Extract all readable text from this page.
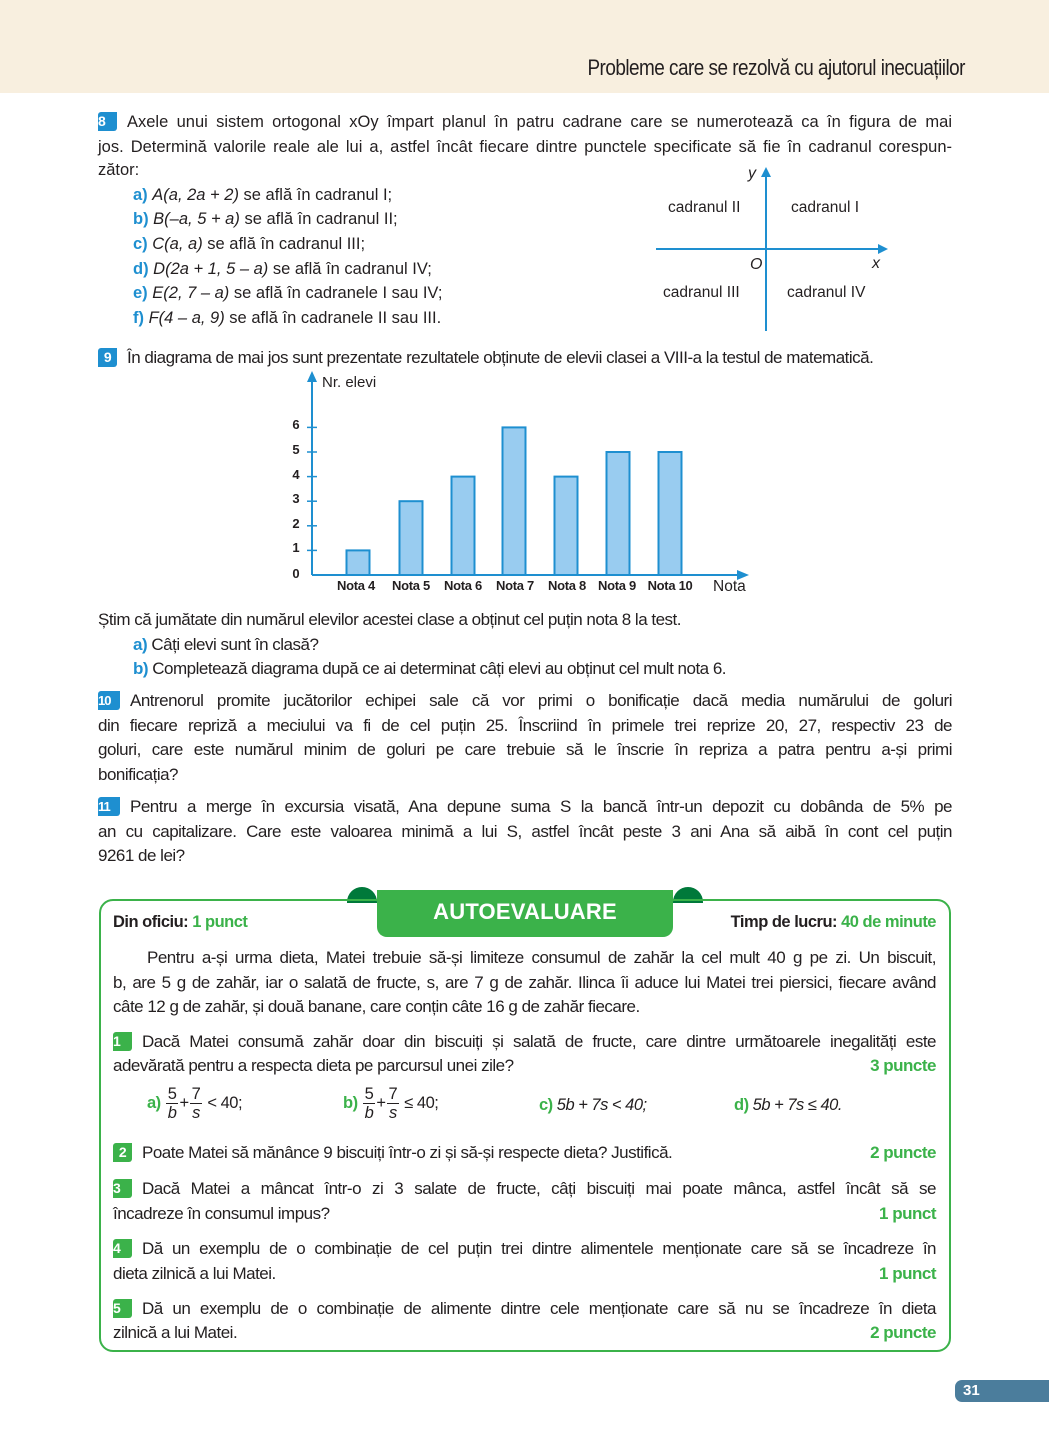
Probleme care se rezolvă cu ajutorul inecuațiilor
8 Axele unui sistem ortogonal xOy împart planul în patru cadrane care se numerotează ca în figura de mai
jos. Determină valorile reale ale lui a, astfel încât fiecare dintre punctele specificate să fie în cadranul corespun-
zător:
a) A(a, 2a + 2) se află în cadranul I;
b) B(–a, 5 + a) se află în cadranul II;
c) C(a, a) se află în cadranul III;
d) D(2a + 1, 5 – a) se află în cadranul IV;
e) E(2, 7 – a) se află în cadranele I sau IV;
f) F(4 – a, 9) se află în cadranele II sau III.
y
x
O
cadranul II	cadranul I
cadranul III	cadranul IV
9 În diagrama de mai jos sunt prezentate rezultatele obținute de elevii clasei a VIII-a la testul de matematică.
Nr. elevi
Nota
6
5
4
3
2
1
0
Nota 4	Nota 5	Nota 6	Nota 7	Nota 8 Nota 9 Nota 10
Știm că jumătate din numărul elevilor acestei clase a obținut cel puțin nota 8 la test.
a) Câți elevi sunt în clasă?
b) Completează diagrama după ce ai determinat câți elevi au obținut cel mult nota 6.
10 Antrenorul promite jucătorilor echipei sale că vor primi o bonificație dacă media numărului de goluri
din fiecare repriză a meciului va fi de cel puțin 25. Înscriind în primele trei reprize 20, 27, respectiv 23 de
goluri, care este numărul minim de goluri pe care trebuie să le înscrie în repriza a patra pentru a-și primi
bonificația?
11 Pentru a merge în excursia visată, Ana depune suma S la bancă într-un depozit cu dobânda de 5% pe
an cu capitalizare. Care este valoarea minimă a lui S, astfel încât peste 3 ani Ana să aibă în cont cel puțin
9261 de lei?
AUTOEVALUARE
Din oficiu: 1 punct	Timp de lucru: 40 de minute
Pentru a-și urma dieta, Matei trebuie să-și limiteze consumul de zahăr la cel mult 40 g pe zi. Un biscuit,
b, are 5 g de zahăr, iar o salată de fructe, s, are 7 g de zahăr. Ilinca îi aduce lui Matei trei piersici, fiecare având
câte 12 g de zahăr, și două banane, care conțin câte 16 g de zahăr fiecare.
1 Dacă Matei consumă zahăr doar din biscuiți și salată de fructe, care dintre următoarele inegalități este
adevărată pentru a respecta dieta pe parcursul unei zile?	3 puncte
$a) \frac{5}{b} + \frac{7}{s} < 40$;	$b) \frac{5}{b} + \frac{7}{s} \le 40$;	c) 5b + 7s < 40;	d) 5b + 7s ≤ 40.
2 Poate Matei să mănânce 9 biscuiți într-o zi și să-și respecte dieta? Justifică.	2 puncte
3 Dacă Matei a mâncat într-o zi 3 salate de fructe, câți biscuiți mai poate mânca, astfel încât să se
încadreze în consumul impus?	1 punct
4 Dă un exemplu de o combinație de cel puțin trei dintre alimentele menționate care să se încadreze în
dieta zilnică a lui Matei.	1 punct
5 Dă un exemplu de o combinație de alimente dintre cele menționate care să nu se încadreze în dieta
zilnică a lui Matei.	2 puncte
31
